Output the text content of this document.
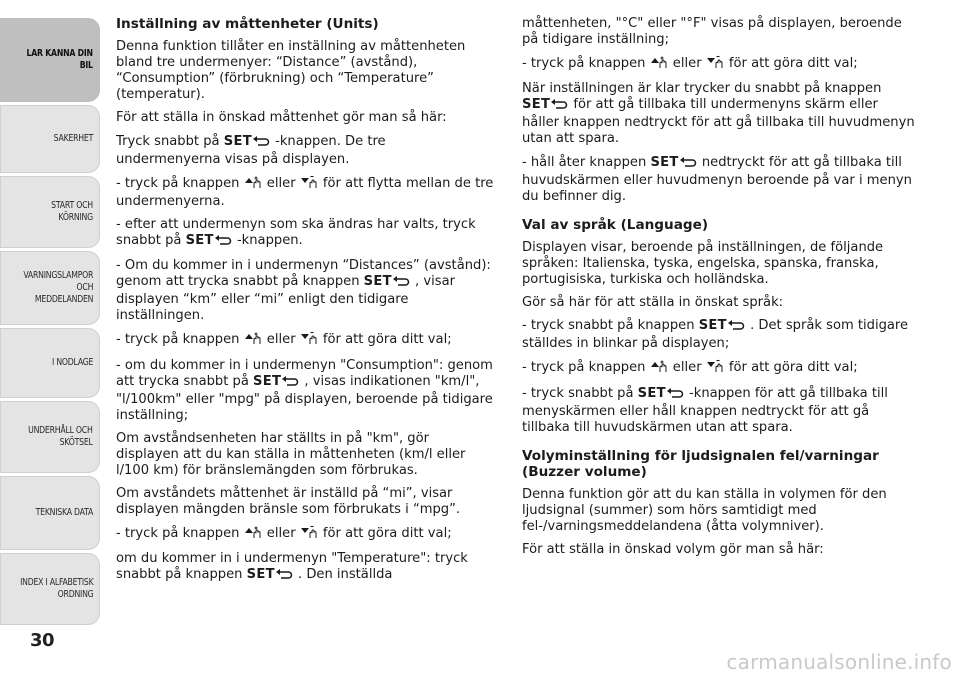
LÄR KÄNNA DIN
BIL
SÄKERHET
START OCH
KÖRNING
VARNINGSLAMPOR
OCH
MEDDELANDEN
I NÖDLÄGE
UNDERHÅLL OCH
SKÖTSEL
TEKNISKA DATA
INDEX I ALFABETISK
ORDNING
30
Inställning av måttenheter (Units)

Denna funktion tillåter en inställning av måttenheten bland tre undermenyer: “Distance” (avstånd), “Consumption” (förbrukning) och “Temperature” (temperatur).

För att ställa in önskad måttenhet gör man så här:

Tryck snabbt på SET -knappen. De tre undermenyerna visas på displayen.

- tryck på knappen  eller  för att flytta mellan de tre undermenyerna.

- efter att undermenyn som ska ändras har valts, tryck snabbt på SET -knappen.

- Om du kommer in i undermenyn “Distances” (avstånd): genom att trycka snabbt på knappen SET , visar displayen “km” eller “mi” enligt den tidigare inställningen.

- tryck på knappen  eller  för att göra ditt val;

- om du kommer in i undermenyn "Consumption": genom att trycka snabbt på SET , visas indikationen "km/l", "l/100km" eller "mpg" på displayen, beroende på tidigare inställning;

Om avståndsenheten har ställts in på "km", gör displayen att du kan ställa in måttenheten (km/l eller l/100 km) för bränslemängden som förbrukas.

Om avståndets måttenhet är inställd på “mi”, visar displayen mängden bränsle som förbrukats i “mpg”.

- tryck på knappen  eller  för att göra ditt val;

om du kommer in i undermenyn "Temperature": tryck snabbt på knappen SET . Den inställda

måttenheten, "°C" eller "°F" visas på displayen, beroende på tidigare inställning;

- tryck på knappen  eller  för att göra ditt val;

När inställningen är klar trycker du snabbt på knappen SET för att gå tillbaka till undermenyns skärm eller håller knappen nedtryckt för att gå tillbaka till huvudmenyn utan att spara.

- håll åter knappen SET nedtryckt för att gå tillbaka till huvudskärmen eller huvudmenyn beroende på var i menyn du befinner dig.

Val av språk (Language)

Displayen visar, beroende på inställningen, de följande språken: Italienska, tyska, engelska, spanska, franska, portugisiska, turkiska och holländska.

Gör så här för att ställa in önskat språk:

- tryck snabbt på knappen SET . Det språk som tidigare ställdes in blinkar på displayen;

- tryck på knappen  eller  för att göra ditt val;

- tryck snabbt på SET -knappen för att gå tillbaka till menyskärmen eller håll knappen nedtryckt för att gå tillbaka till huvudskärmen utan att spara.

Volyminställning för ljudsignalen fel/varningar (Buzzer volume)

Denna funktion gör att du kan ställa in volymen för den ljudsignal (summer) som hörs samtidigt med fel-/varningsmeddelandena (åtta volymniver).

För att ställa in önskad volym gör man så här:

carmanualsonline.info
